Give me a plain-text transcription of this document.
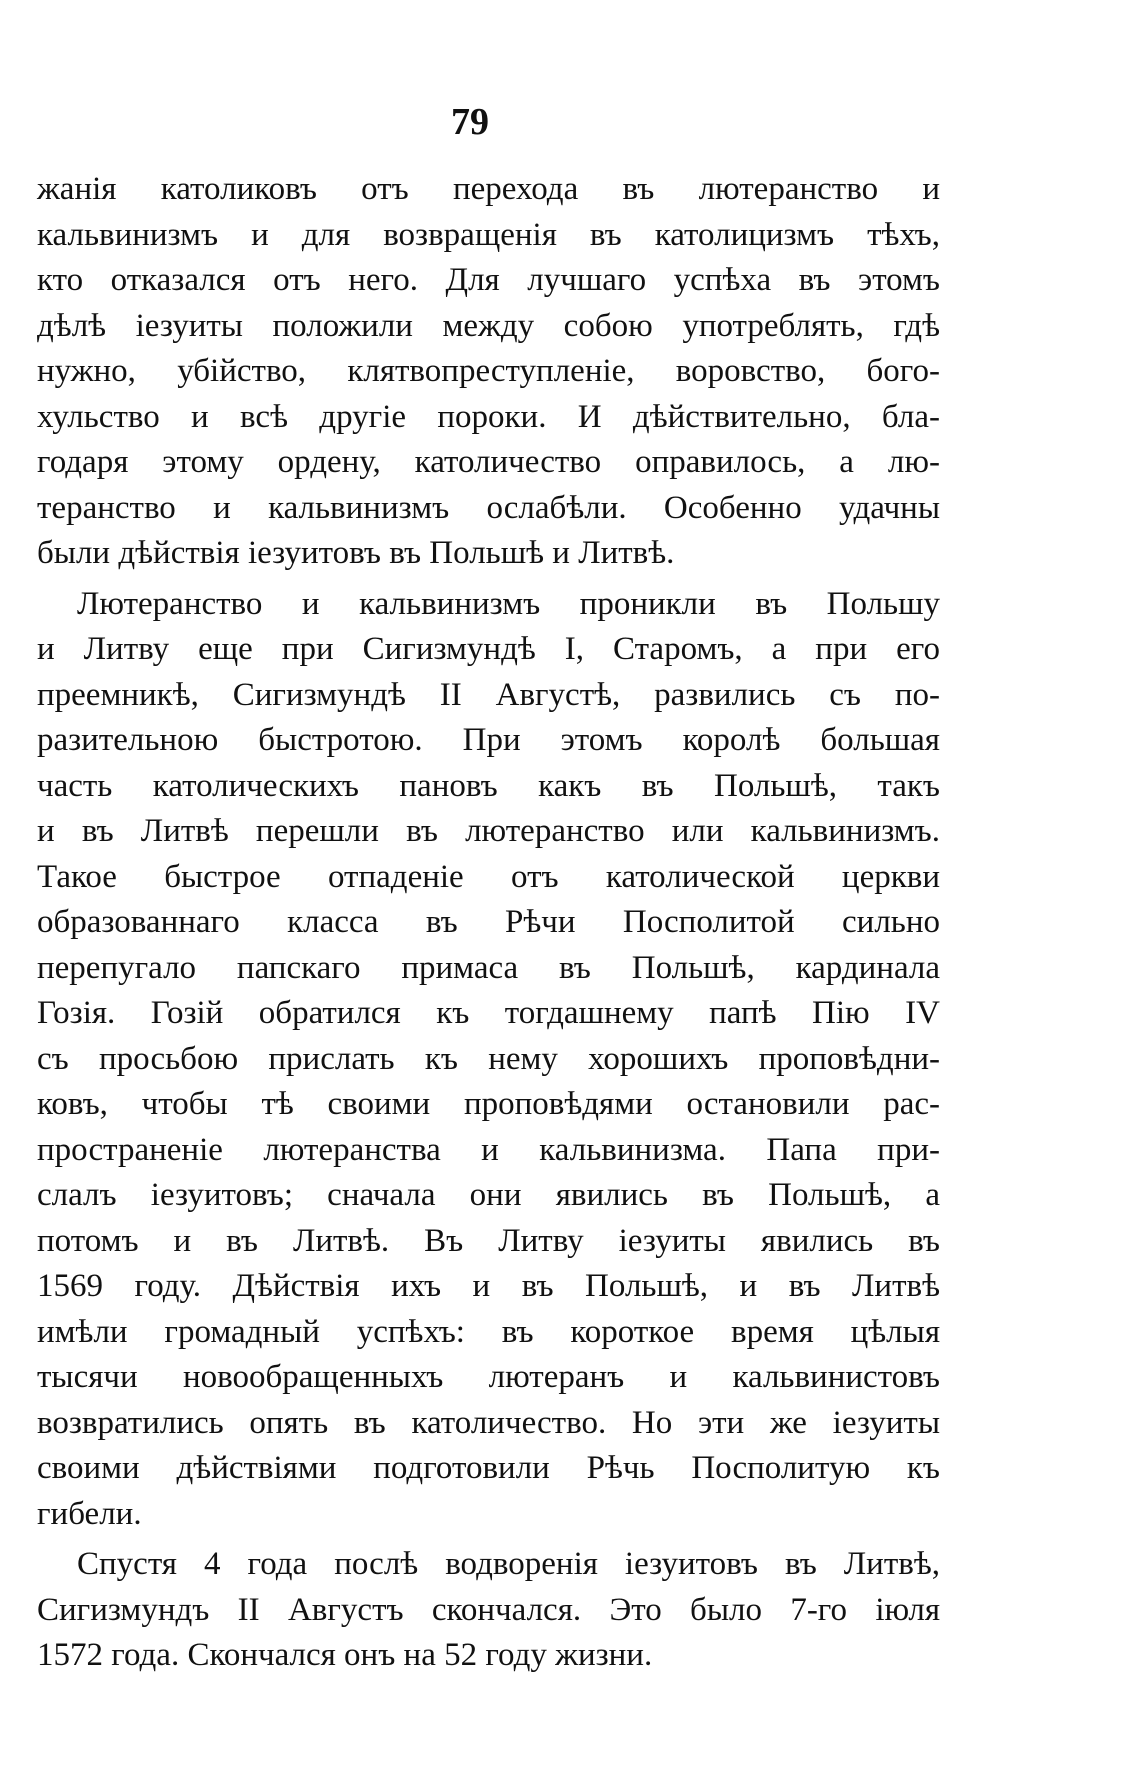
79
жанія католиковъ отъ перехода въ лютеранство и
кальвинизмъ и для возвращенія въ католицизмъ тѣхъ,
кто отказался отъ него. Для лучшаго успѣха въ этомъ
дѣлѣ іезуиты положили между собою употреблять, гдѣ
нужно, убійство, клятвопреступленіе, воровство, бого-
хульство и всѣ другіе пороки. И дѣйствительно, бла-
годаря этому ордену, католичество оправилось, а лю-
теранство и кальвинизмъ ослабѣли. Особенно удачны
были дѣйствія іезуитовъ въ Польшѣ и Литвѣ.
Лютеранство и кальвинизмъ проникли въ Польшу
и Литву еще при Сигизмундѣ I, Старомъ, а при его
преемникѣ, Сигизмундѣ II Августѣ, развились съ по-
разительною быстротою. При этомъ королѣ большая
часть католическихъ пановъ какъ въ Польшѣ, такъ
и въ Литвѣ перешли въ лютеранство или кальвинизмъ.
Такое быстрое отпаденіе отъ католической церкви
образованнаго класса въ Рѣчи Посполитой сильно
перепугало папскаго примаса въ Польшѣ, кардинала
Гозія. Гозій обратился къ тогдашнему папѣ Пію IV
съ просьбою прислать къ нему хорошихъ проповѣдни-
ковъ, чтобы тѣ своими проповѣдями остановили рас-
пространеніе лютеранства и кальвинизма. Папа при-
слалъ іезуитовъ; сначала они явились въ Польшѣ, а
потомъ и въ Литвѣ. Въ Литву іезуиты явились въ
1569 году. Дѣйствія ихъ и въ Польшѣ, и въ Литвѣ
имѣли громадный успѣхъ: въ короткое время цѣлыя
тысячи новообращенныхъ лютеранъ и кальвинистовъ
возвратились опять въ католичество. Но эти же іезуиты
своими дѣйствіями подготовили Рѣчь Посполитую къ
гибели.
Спустя 4 года послѣ водворенія іезуитовъ въ Литвѣ,
Сигизмундъ II Августъ скончался. Это было 7-го іюля
1572 года. Скончался онъ на 52 году жизни.
